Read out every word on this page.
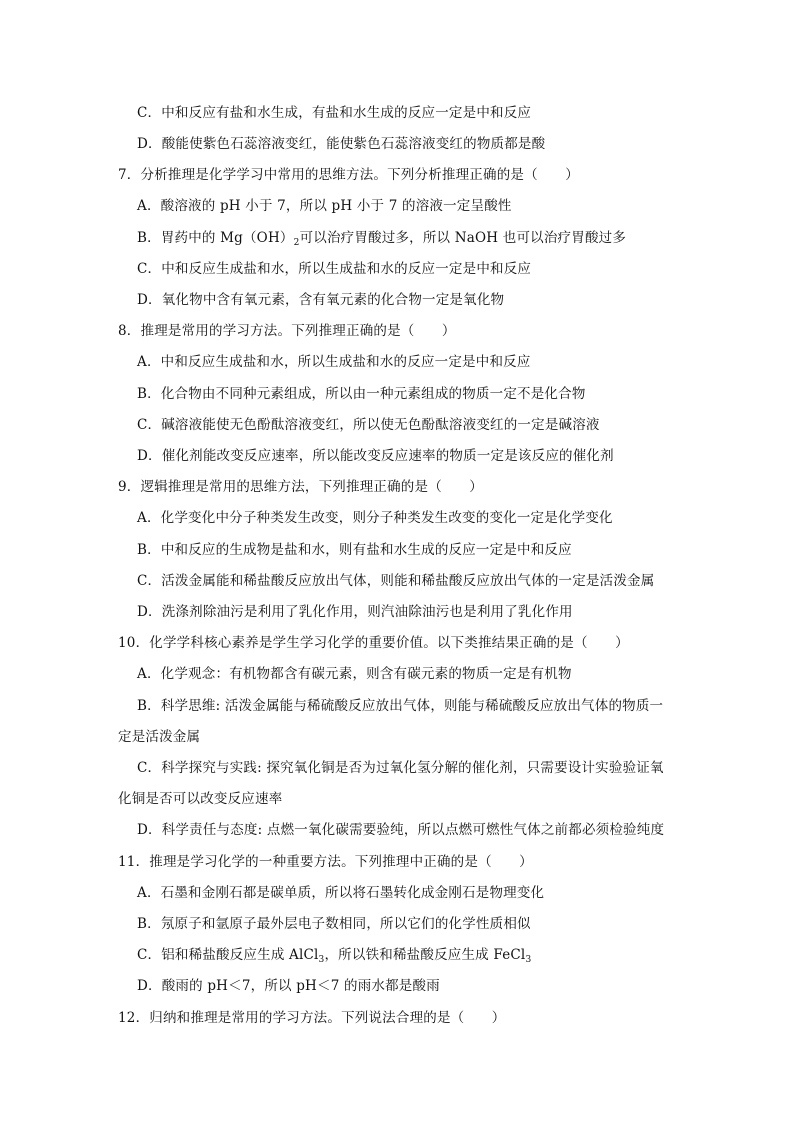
C．中和反应有盐和水生成，有盐和水生成的反应一定是中和反应
D．酸能使紫色石蕊溶液变红，能使紫色石蕊溶液变红的物质都是酸
7．分析推理是化学学习中常用的思维方法。下列分析推理正确的是（　　）
A．酸溶液的 pH 小于 7，所以 pH 小于 7 的溶液一定呈酸性
B．胃药中的 $Mg(OH)_2$可以治疗胃酸过多，所以 NaOH 也可以治疗胃酸过多
C．中和反应生成盐和水，所以生成盐和水的反应一定是中和反应
D．氧化物中含有氧元素，含有氧元素的化合物一定是氧化物
8．推理是常用的学习方法。下列推理正确的是（　　）
A．中和反应生成盐和水，所以生成盐和水的反应一定是中和反应
B．化合物由不同种元素组成，所以由一种元素组成的物质一定不是化合物
C．碱溶液能使无色酚酞溶液变红，所以使无色酚酞溶液变红的一定是碱溶液
D．催化剂能改变反应速率，所以能改变反应速率的物质一定是该反应的催化剂
9．逻辑推理是常用的思维方法，下列推理正确的是（　　）
A．化学变化中分子种类发生改变，则分子种类发生改变的变化一定是化学变化
B．中和反应的生成物是盐和水，则有盐和水生成的反应一定是中和反应
C．活泼金属能和稀盐酸反应放出气体，则能和稀盐酸反应放出气体的一定是活泼金属
D．洗涤剂除油污是利用了乳化作用，则汽油除油污也是利用了乳化作用
10．化学学科核心素养是学生学习化学的重要价值。以下类推结果正确的是（　　）
A．化学观念：有机物都含有碳元素，则含有碳元素的物质一定是有机物
B．科学思维: 活泼金属能与稀硫酸反应放出气体，则能与稀硫酸反应放出气体的物质一
定是活泼金属
C．科学探究与实践: 探究氧化铜是否为过氧化氢分解的催化剂，只需要设计实验验证氧
化铜是否可以改变反应速率
D．科学责任与态度: 点燃一氧化碳需要验纯，所以点燃可燃性气体之前都必须检验纯度
11．推理是学习化学的一种重要方法。下列推理中正确的是（　　）
A．石墨和金刚石都是碳单质，所以将石墨转化成金刚石是物理变化
B．氖原子和氩原子最外层电子数相同，所以它们的化学性质相似
C．铝和稀盐酸反应生成 AlCl$_3$，所以铁和稀盐酸反应生成 FeCl$_3$
D．酸雨的 pH＜7，所以 pH＜7 的雨水都是酸雨
12．归纳和推理是常用的学习方法。下列说法合理的是（　　）
